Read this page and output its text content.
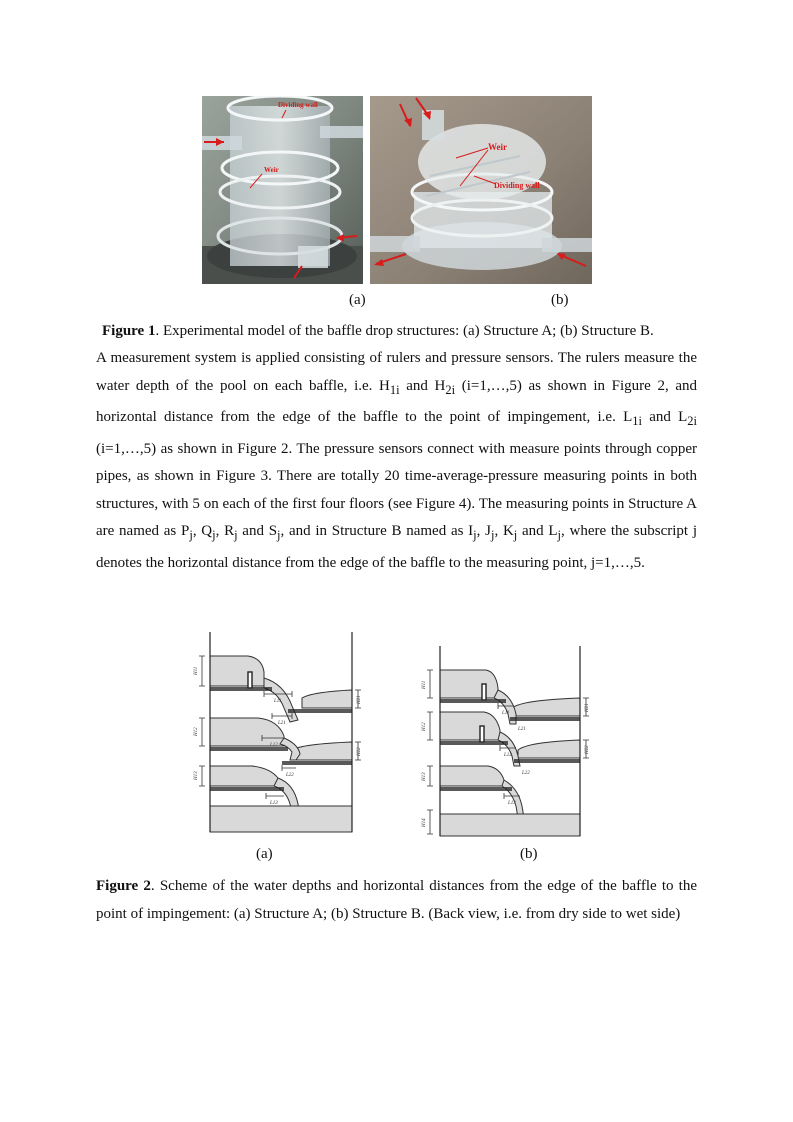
Dividing wall
Weir
Weir
Dividing wall
(a)	(b)
Figure 1. Experimental model of the baffle drop structures: (a) Structure A; (b) Structure B.

A measurement system is applied consisting of rulers and pressure sensors. The rulers measure the water depth of the pool on each baffle, i.e. $H_{1i}$ and $H_{2i}$ (i=1,…,5) as shown in Figure 2, and horizontal distance from the edge of the baffle to the point of impingement, i.e. $L_{1i}$ and $L_{2i}$ (i=1,…,5) as shown in Figure 2. The pressure sensors connect with measure points through copper pipes, as shown in Figure 3. There are totally 20 time-average-pressure measuring points in both structures, with 5 on each of the first four floors (see Figure 4). The measuring points in Structure A are named as $P_j$, $Q_j$, $R_j$ and $S_j$, and in Structure B named as $I_j$, $J_j$, $K_j$ and $L_j$, where the subscript j denotes the horizontal distance from the edge of the baffle to the measuring point, j=1,…,5.

H11
H12
H13
H21
H22
L11
L21
L12
L22
L13
H11
H12
H13
H14
H21
H22
L11
L12
L13
L21
L22
(a)	(b)
Figure 2. Scheme of the water depths and horizontal distances from the edge of the baffle to the point of impingement: (a) Structure A; (b) Structure B. (Back view, i.e. from dry side to wet side)
